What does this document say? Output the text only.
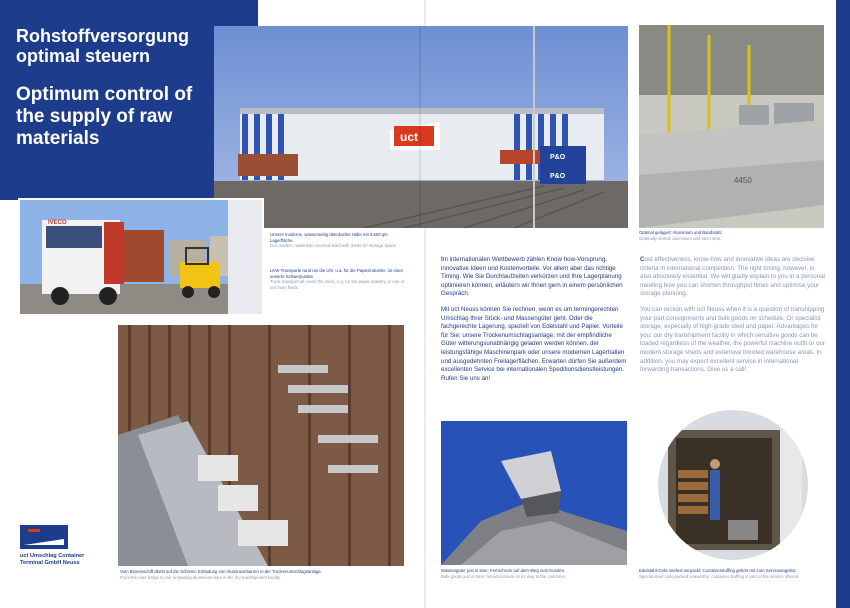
Rohstoffversorgung optimal steuern
Optimum control of the supply of raw materials	uct
P&O
P&O
IVECO
Unsere moderne, wasserseitig überdachte Halle mit 3.600 qm Lagerfläche.
Our modern, waterside covered shed with 3,600 m² storage space.
LKW-Transporte rund um die Uhr, u.a. für die Papierindustrie, ist einer unserer Schwerpunkte.
Truck transport all round the clock, e.g. for the paper industry, is one of our main fields.
Vom Binnenschiff direkt auf die Schiene: Entladung von Aluminiumbarren in der Trockenumschlagsanlage.
From the river barge to rail: unloading aluminium bars in the dry transhipment facility.
4450
Optimal gelagert: Aluminium und Bandstahl.
Optimally stored: aluminium and steel strip.

Im internationalen Wettbewerb zählen Know how-Vorsprung, innovative Ideen und Kostenvorteile. Vor allem aber das richtige Timing. Wie Sie Durchlaufzeiten verkürzen und Ihre Lagerplanung optimieren können, erläutern wir Ihnen gern in einem persönlichen Gespräch.

Mit uct Neuss können Sie rechnen, wenn es um termingerechten Umschlag Ihrer Stück- und Massengüter geht. Oder die fachgerechte Lagerung, speziell von Edelstahl und Papier. Vorteile für Sie: unsere Trockenumschlagsanlage, mit der empfindliche Güter witterungsunabhängig geladen werden können, der leistungsfähige Maschinenpark oder unsere modernen Lagerhallen und ausgedehnten Freilagerflächen. Erwarten dürfen Sie außerdem excellenten Service bei internationalen Speditionsdienstleistungen. Rufen Sie uns an!

Cost effectiveness, know-how and innovative ideas are decisive criteria in international competition. The right timing, however, is also absolutely essential. We will gladly explain to you in a personal meeting how you can shorten throughput times and optimise your storage planning.

You can reckon with uct Neuss when it is a question of transhipping your part consignments and bulk goods on schedule. Or specialist storage, especially of high-grade steel and paper. Advantages for you: our dry transhipment facility in which sensitive goods can be loaded regardless of the weather, the powerful machine outfit or our modern storage sheds and extensive bonded warehouse areas. In addition, you may expect excellent service in international forwarding transactions. Give us a call!

Massengüter just in time: Ferrochrom auf dem Weg zum Kunden.
Bulk goods just in time: ferrochromium on its way to the customer.
Edelstahl-Coils seefest verpackt: Containerstuffing gehört mit zum Serviceangebot.
Special steel coils packed seaworthy: container stuffing is part of the service offered.
uct Umschlag Container
Terminal GmbH Neuss
